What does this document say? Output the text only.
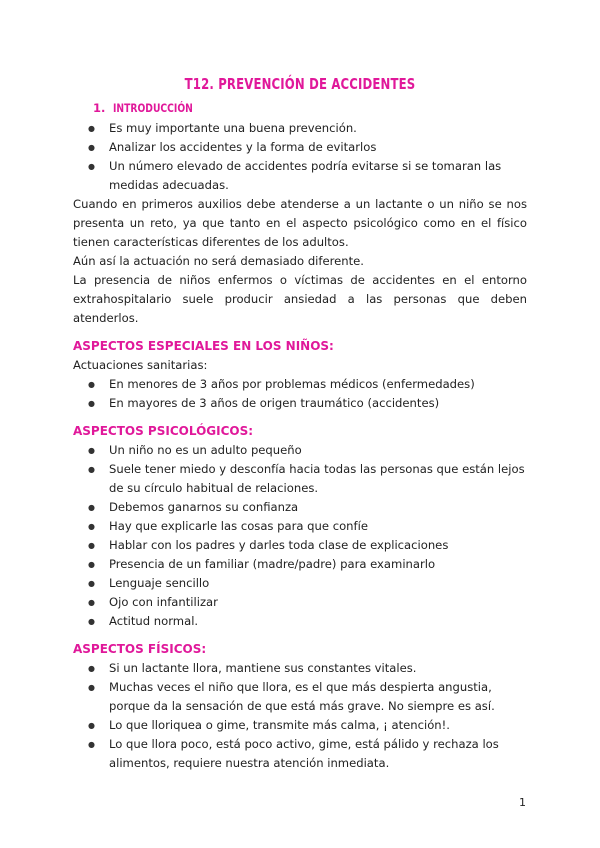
T12. PREVENCIÓN DE ACCIDENTES
1. INTRODUCCIÓN
● Es muy importante una buena prevención.
● Analizar los accidentes y la forma de evitarlos
● Un número elevado de accidentes podría evitarse si se tomaran las medidas adecuadas.

Cuando en primeros auxilios debe atenderse a un lactante o un niño se nos presenta un reto, ya que tanto en el aspecto psicológico como en el físico tienen características diferentes de los adultos.

Aún así la actuación no será demasiado diferente.

La presencia de niños enfermos o víctimas de accidentes en el entorno extrahospitalario suele producir ansiedad a las personas que deben atenderlos.

ASPECTOS ESPECIALES EN LOS NIÑOS:

Actuaciones sanitarias:

● En menores de 3 años por problemas médicos (enfermedades)
● En mayores de 3 años de origen traumático (accidentes)
ASPECTOS PSICOLÓGICOS:
● Un niño no es un adulto pequeño
● Suele tener miedo y desconfía hacia todas las personas que están lejos de su círculo habitual de relaciones.
● Debemos ganarnos su confianza
● Hay que explicarle las cosas para que confíe
● Hablar con los padres y darles toda clase de explicaciones
● Presencia de un familiar (madre/padre) para examinarlo
● Lenguaje sencillo
● Ojo con infantilizar
● Actitud normal.
ASPECTOS FÍSICOS:
● Si un lactante llora, mantiene sus constantes vitales.
● Muchas veces el niño que llora, es el que más despierta angustia, porque da la sensación de que está más grave. No siempre es así.
● Lo que lloriquea o gime, transmite más calma, ¡ atención!.
● Lo que llora poco, está poco activo, gime, está pálido y rechaza los alimentos, requiere nuestra atención inmediata.
1
